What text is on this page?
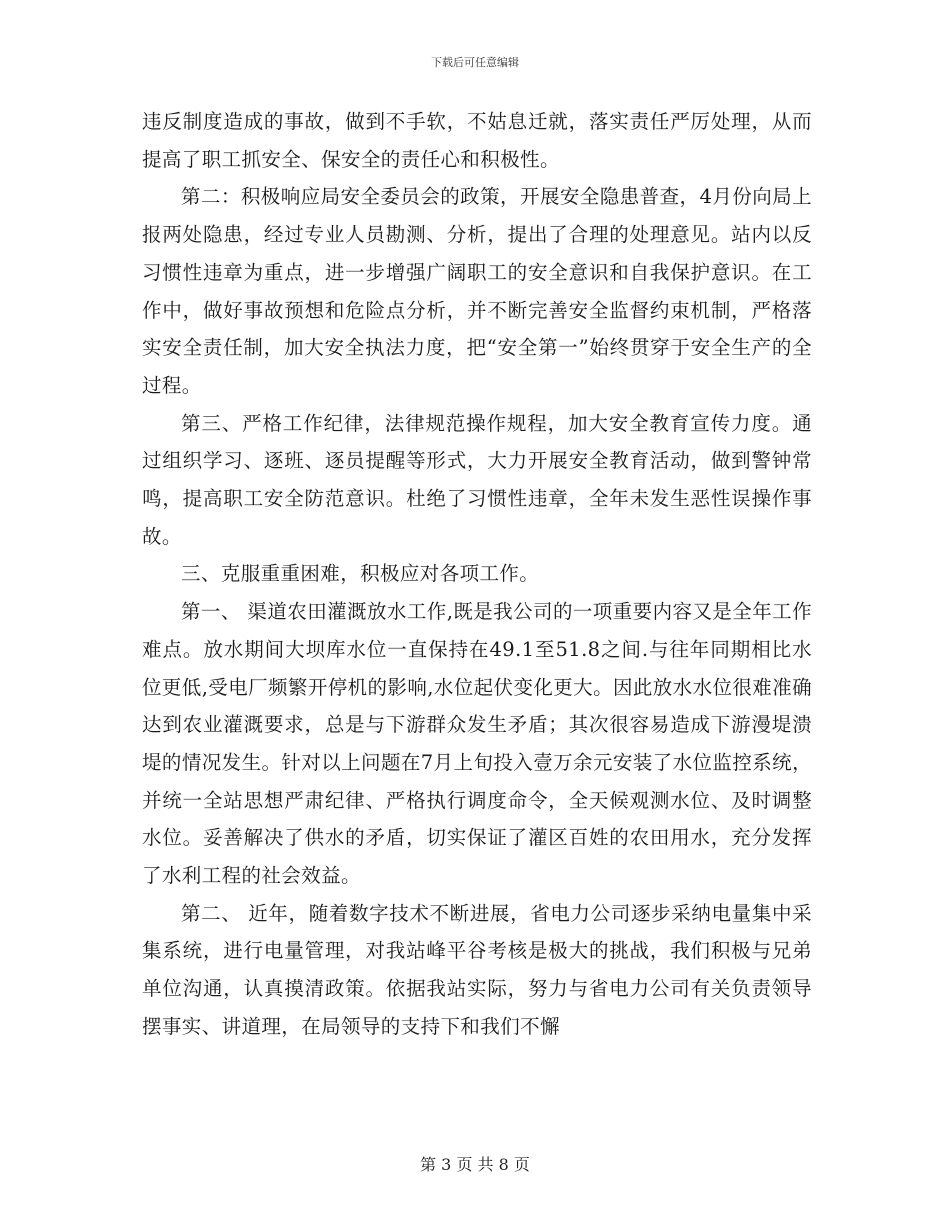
下载后可任意编辑

违反制度造成的事故，做到不手软，不姑息迁就，落实责任严厉处理，从而提高了职工抓安全、保安全的责任心和积极性。

第二：积极响应局安全委员会的政策，开展安全隐患普查，4月份向局上报两处隐患，经过专业人员勘测、分析，提出了合理的处理意见。站内以反习惯性违章为重点，进一步增强广阔职工的安全意识和自我保护意识。在工作中，做好事故预想和危险点分析，并不断完善安全监督约束机制，严格落实安全责任制，加大安全执法力度，把“安全第一”始终贯穿于安全生产的全过程。

第三、严格工作纪律，法律规范操作规程，加大安全教育宣传力度。通过组织学习、逐班、逐员提醒等形式，大力开展安全教育活动，做到警钟常鸣，提高职工安全防范意识。杜绝了习惯性违章，全年未发生恶性误操作事故。

三、克服重重困难，积极应对各项工作。

第一、 渠道农田灌溉放水工作,既是我公司的一项重要内容又是全年工作难点。放水期间大坝库水位一直保持在49.1至51.8之间.与往年同期相比水位更低,受电厂频繁开停机的影响,水位起伏变化更大。因此放水水位很难准确达到农业灌溉要求，总是与下游群众发生矛盾；其次很容易造成下游漫堤溃堤的情况发生。针对以上问题在7月上旬投入壹万余元安装了水位监控系统，并统一全站思想严肃纪律、严格执行调度命令，全天候观测水位、及时调整水位。妥善解决了供水的矛盾，切实保证了灌区百姓的农田用水，充分发挥了水利工程的社会效益。

第二、 近年，随着数字技术不断进展，省电力公司逐步采纳电量集中采集系统，进行电量管理，对我站峰平谷考核是极大的挑战，我们积极与兄弟单位沟通，认真摸清政策。依据我站实际，努力与省电力公司有关负责领导摆事实、讲道理，在局领导的支持下和我们不懈

第 3 页 共 8 页
